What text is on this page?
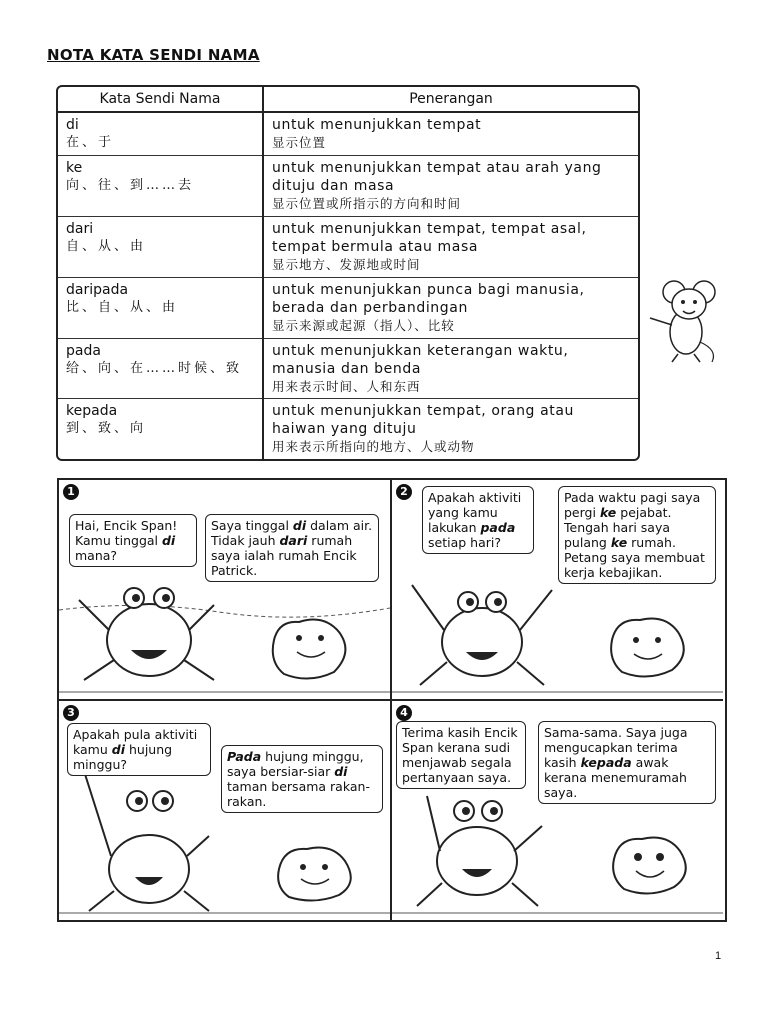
NOTA KATA SENDI NAMA
Kata Sendi Nama	Penerangan

di
在、于	untuk menunjukkan tempat
显示位置

ke
向、往、到……去	untuk menunjukkan tempat atau arah yang dituju dan masa
显示位置或所指示的方向和时间

dari
自、从、由	untuk menunjukkan tempat, tempat asal, tempat bermula atau masa
显示地方、发源地或时间

daripada
比、自、从、由	untuk menunjukkan punca bagi manusia, berada dan perbandingan
显示来源或起源（指人）、比较

pada
给、向、在……时候、致	untuk menunjukkan keterangan waktu, manusia dan benda
用来表示时间、人和东西

kepada
到、致、向	untuk menunjukkan tempat, orang atau haiwan yang dituju
用来表示所指向的地方、人或动物
1
Hai, Encik Span! Kamu tinggal di mana?
Saya tinggal di dalam air. Tidak jauh dari rumah saya ialah rumah Encik Patrick.
2	Apakah aktiviti yang kamu lakukan pada setiap hari?
Pada waktu pagi saya pergi ke pejabat. Tengah hari saya pulang ke rumah. Petang saya membuat kerja kebajikan.
3
Apakah pula aktiviti kamu di hujung minggu?
Pada hujung minggu, saya bersiar-siar di taman bersama rakan-rakan.
4
Terima kasih Encik Span kerana sudi menjawab segala pertanyaan saya.
Sama-sama. Saya juga mengucapkan terima kasih kepada awak kerana menemuramah saya.
1
